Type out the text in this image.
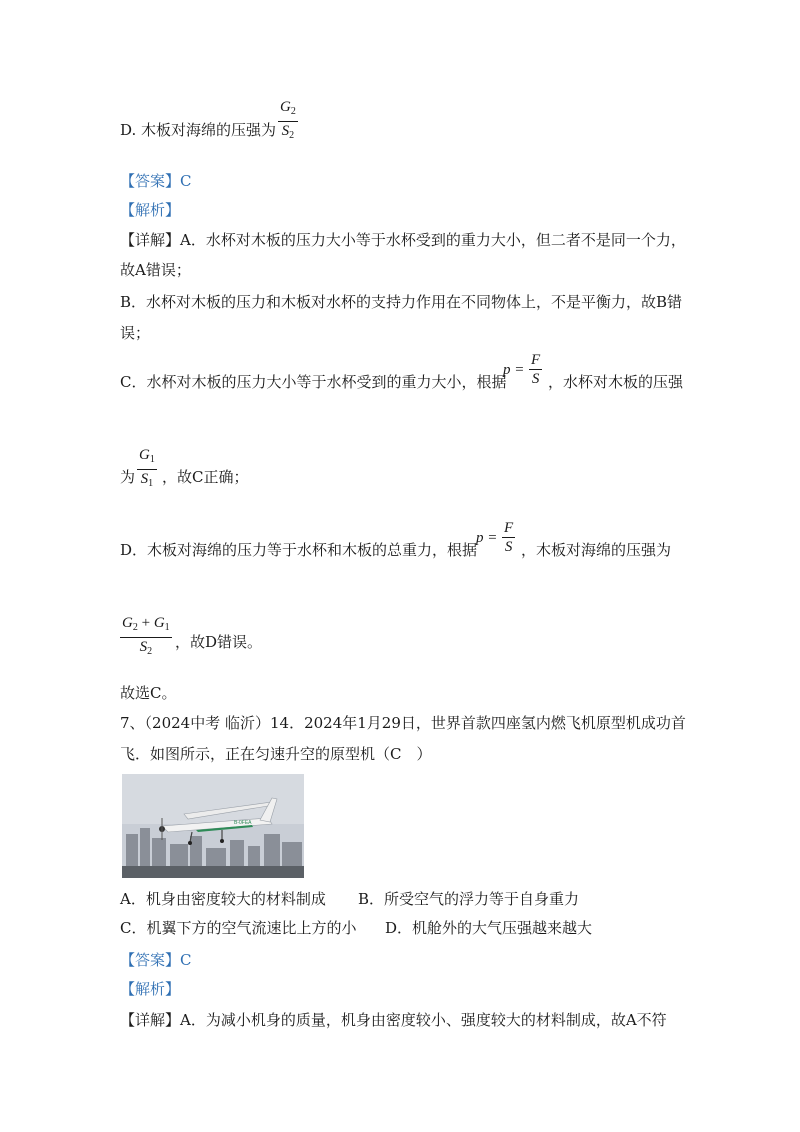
D. 木板对海绵的压强为
$G_2$
$S_2$
【答案】C
【解析】
【详解】A．水杯对木板的压力大小等于水杯受到的重力大小，但二者不是同一个力，
故A错误；
B．水杯对木板的压力和木板对水杯的支持力作用在不同物体上，不是平衡力，故B错
误；
C．水杯对木板的压力大小等于水杯受到的重力大小，根据
p =
F
S ，水杯对木板的压强
$G_1$
$S_1$
为 ，故C正确；
D．木板对海绵的压力等于水杯和木板的总重力，根据
p =
F
S ，木板对海绵的压强为
$G_2 + G_1$
$S_2$
，故D错误。
故选C。
7、（2024中考 临沂）14．2024年1月29日，世界首款四座氢内燃飞机原型机成功首
飞．如图所示，正在匀速升空的原型机（C　）
B-0FEA
A．机身由密度较大的材料制成 B．所受空气的浮力等于自身重力
C．机翼下方的空气流速比上方的小 D．机舱外的大气压强越来越大
【答案】C
【解析】
【详解】A．为减小机身的质量，机身由密度较小、强度较大的材料制成，故A不符
